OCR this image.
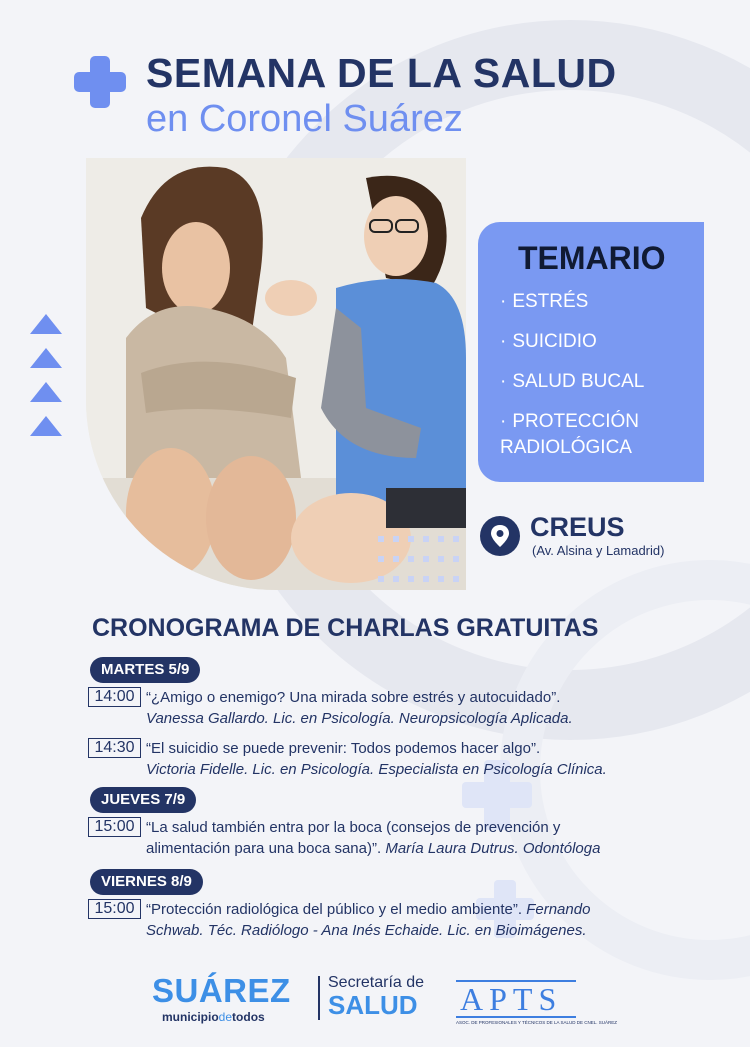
SEMANA DE LA SALUD
en Coronel Suárez
TEMARIO
· ESTRÉS
· SUICIDIO
· SALUD BUCAL
· PROTECCIÓN
RADIOLÓGICA
CREUS
(Av. Alsina y Lamadrid)

CRONOGRAMA DE CHARLAS GRATUITAS
MARTES 5/9
14:00 “¿Amigo o enemigo? Una mirada sobre estrés y autocuidado”.
Vanessa Gallardo. Lic. en Psicología. Neuropsicología Aplicada.
14:30 “El suicidio se puede prevenir: Todos podemos hacer algo”.
Victoria Fidelle. Lic. en Psicología. Especialista en Psicología Clínica.
JUEVES 7/9
15:00 “La salud también entra por la boca (consejos de prevención y
alimentación para una boca sana)”. María Laura Dutrus. Odontóloga
VIERNES 8/9
15:00 “Protección radiológica del público y el medio ambiente”. Fernando
Schwab. Téc. Radiólogo - Ana Inés Echaide. Lic. en Bioimágenes.
SUÁREZ
municipiodetodos
Secretaría de
SALUD APTS
ASOC. DE PROFESIONALES Y TÉCNICOS DE LA SALUD DE CNEL. SUÁREZ
